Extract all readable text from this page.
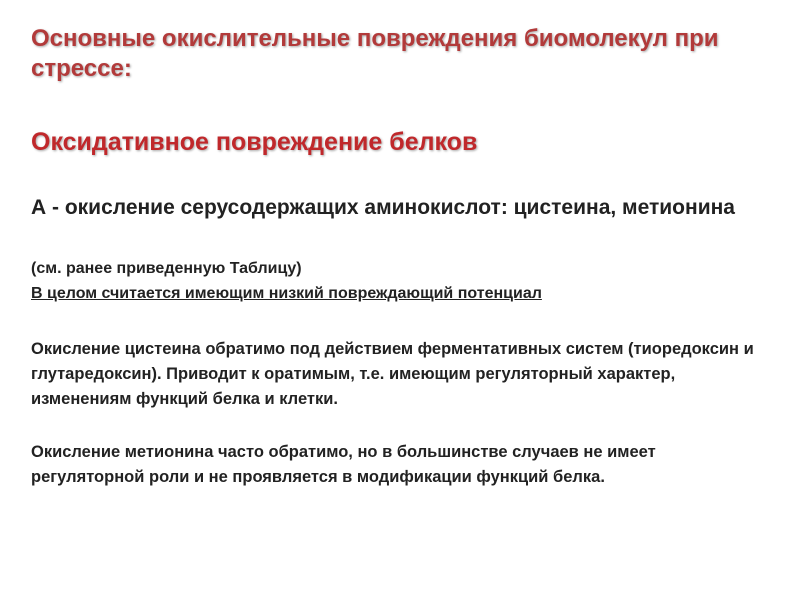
Основные окислительные повреждения биомолекул при стрессе:
Оксидативное повреждение белков

А - окисление серусодержащих аминокислот: цистеина, метионина

(см. ранее приведенную Таблицу)

В целом считается имеющим низкий повреждающий потенциал

Окисление цистеина обратимо под действием ферментативных систем (тиоредоксин и глутаредоксин). Приводит к оратимым, т.е. имеющим регуляторный характер, изменениям функций белка и клетки.

Окисление метионина часто обратимо, но в большинстве случаев не имеет регуляторной роли и не проявляется в модификации функций белка.
